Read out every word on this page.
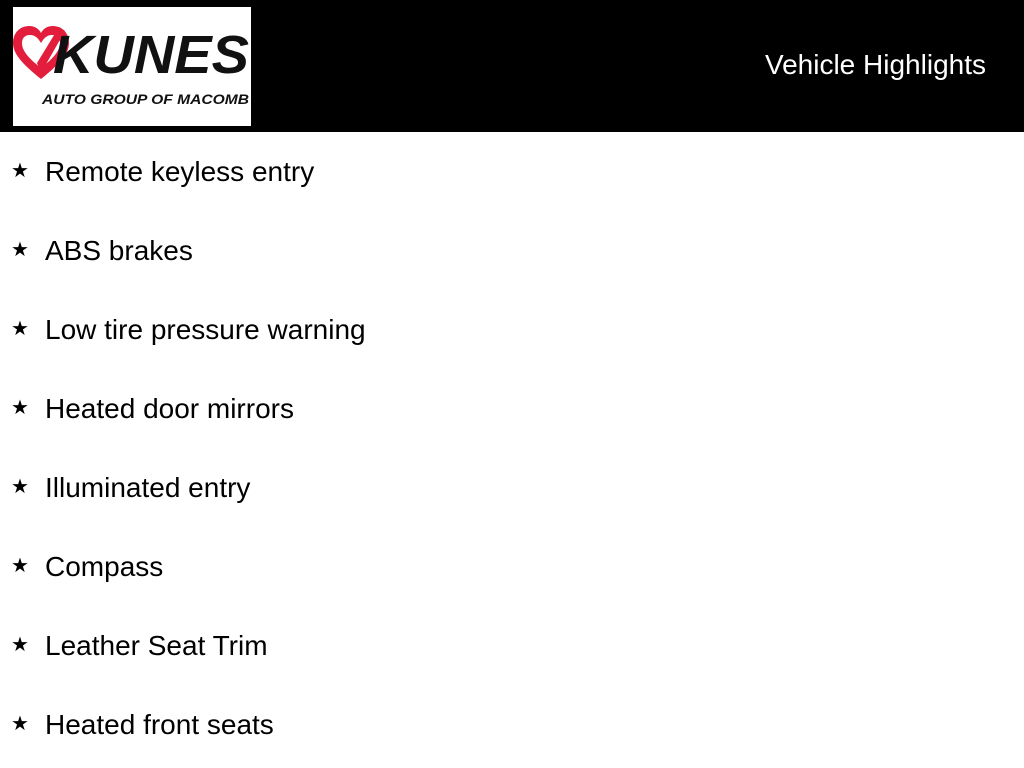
KUNES
AUTO GROUP OF MACOMB
Vehicle Highlights
★ Remote keyless entry
★ ABS brakes
★ Low tire pressure warning
★ Heated door mirrors
★ Illuminated entry
★ Compass
★ Leather Seat Trim
★ Heated front seats
